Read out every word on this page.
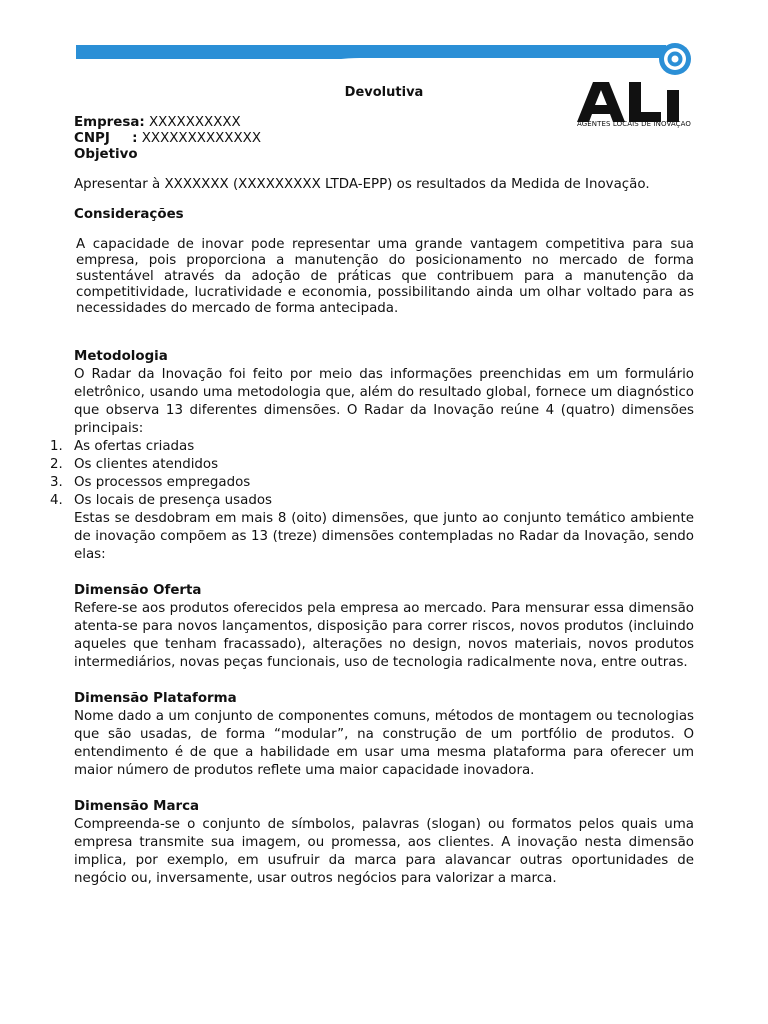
AGENTES LOCAIS DE INOVAÇÃO
Devolutiva
Empresa: XXXXXXXXXX
CNPJ : XXXXXXXXXXXXX
Objetivo

Apresentar à XXXXXXX (XXXXXXXXX LTDA-EPP) os resultados da Medida de Inovação.

Considerações

A capacidade de inovar pode representar uma grande vantagem competitiva para sua empresa, pois proporciona a manutenção do posicionamento no mercado de forma sustentável através da adoção de práticas que contribuem para a manutenção da competitividade, lucratividade e economia, possibilitando ainda um olhar voltado para as necessidades do mercado de forma antecipada.

Metodologia

O Radar da Inovação foi feito por meio das informações preenchidas em um formulário eletrônico, usando uma metodologia que, além do resultado global, fornece um diagnóstico que observa 13 diferentes dimensões. O Radar da Inovação reúne 4 (quatro) dimensões principais:

1. As ofertas criadas
2. Os clientes atendidos
3. Os processos empregados
4. Os locais de presença usados

Estas se desdobram em mais 8 (oito) dimensões, que junto ao conjunto temático ambiente de inovação compõem as 13 (treze) dimensões contempladas no Radar da Inovação, sendo elas:

Dimensão Oferta

Refere-se aos produtos oferecidos pela empresa ao mercado. Para mensurar essa dimensão atenta-se para novos lançamentos, disposição para correr riscos, novos produtos (incluindo aqueles que tenham fracassado), alterações no design, novos materiais, novos produtos intermediários, novas peças funcionais, uso de tecnologia radicalmente nova, entre outras.

Dimensão Plataforma

Nome dado a um conjunto de componentes comuns, métodos de montagem ou tecnologias que são usadas, de forma “modular”, na construção de um portfólio de produtos. O entendimento é de que a habilidade em usar uma mesma plataforma para oferecer um maior número de produtos reflete uma maior capacidade inovadora.

Dimensão Marca

Compreenda-se o conjunto de símbolos, palavras (slogan) ou formatos pelos quais uma empresa transmite sua imagem, ou promessa, aos clientes. A inovação nesta dimensão implica, por exemplo, em usufruir da marca para alavancar outras oportunidades de negócio ou, inversamente, usar outros negócios para valorizar a marca.
